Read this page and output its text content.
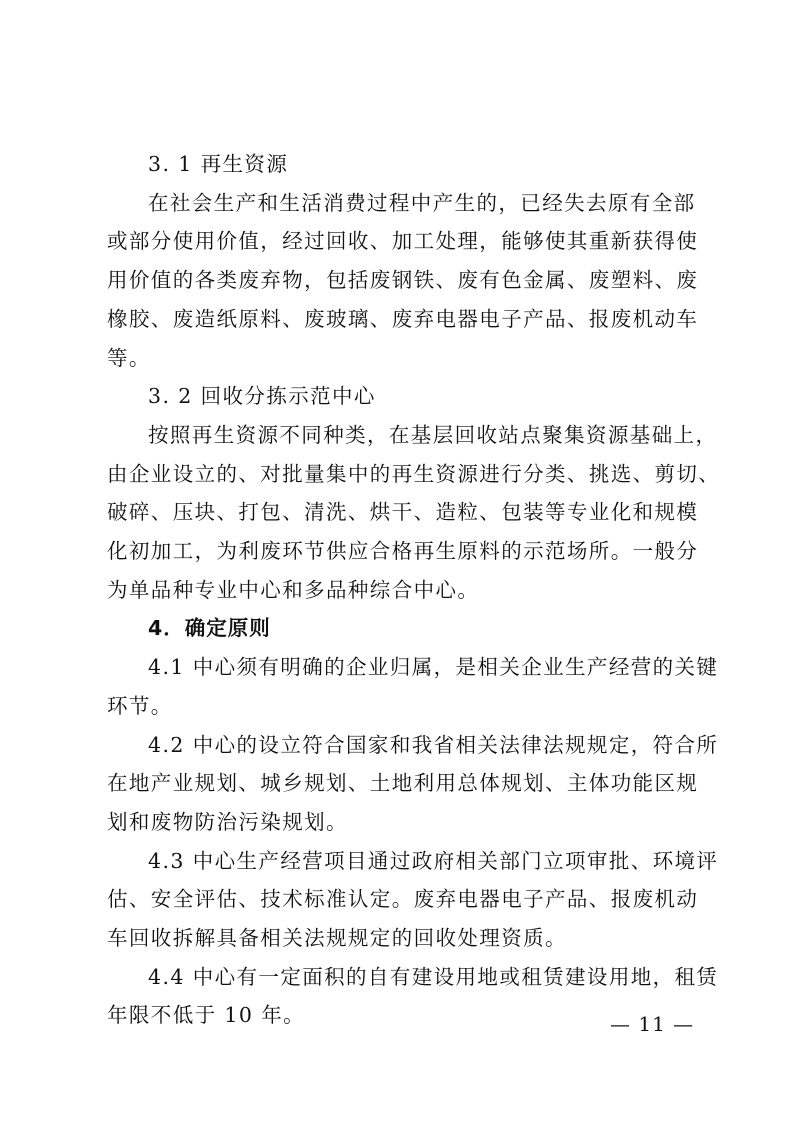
3. 1 再生资源

在社会生产和生活消费过程中产生的，已经失去原有全部

或部分使用价值，经过回收、加工处理，能够使其重新获得使

用价值的各类废弃物，包括废钢铁、废有色金属、废塑料、废

橡胶、废造纸原料、废玻璃、废弃电器电子产品、报废机动车

等。

3. 2 回收分拣示范中心

按照再生资源不同种类，在基层回收站点聚集资源基础上，

由企业设立的、对批量集中的再生资源进行分类、挑选、剪切、

破碎、压块、打包、清洗、烘干、造粒、包装等专业化和规模

化初加工，为利废环节供应合格再生原料的示范场所。一般分

为单品种专业中心和多品种综合中心。

4．确定原则

4.1 中心须有明确的企业归属，是相关企业生产经营的关键

环节。

4.2 中心的设立符合国家和我省相关法律法规规定，符合所

在地产业规划、城乡规划、土地利用总体规划、主体功能区规

划和废物防治污染规划。

4.3 中心生产经营项目通过政府相关部门立项审批、环境评

估、安全评估、技术标准认定。废弃电器电子产品、报废机动

车回收拆解具备相关法规规定的回收处理资质。

4.4 中心有一定面积的自有建设用地或租赁建设用地，租赁

年限不低于 10 年。	— 11 —
